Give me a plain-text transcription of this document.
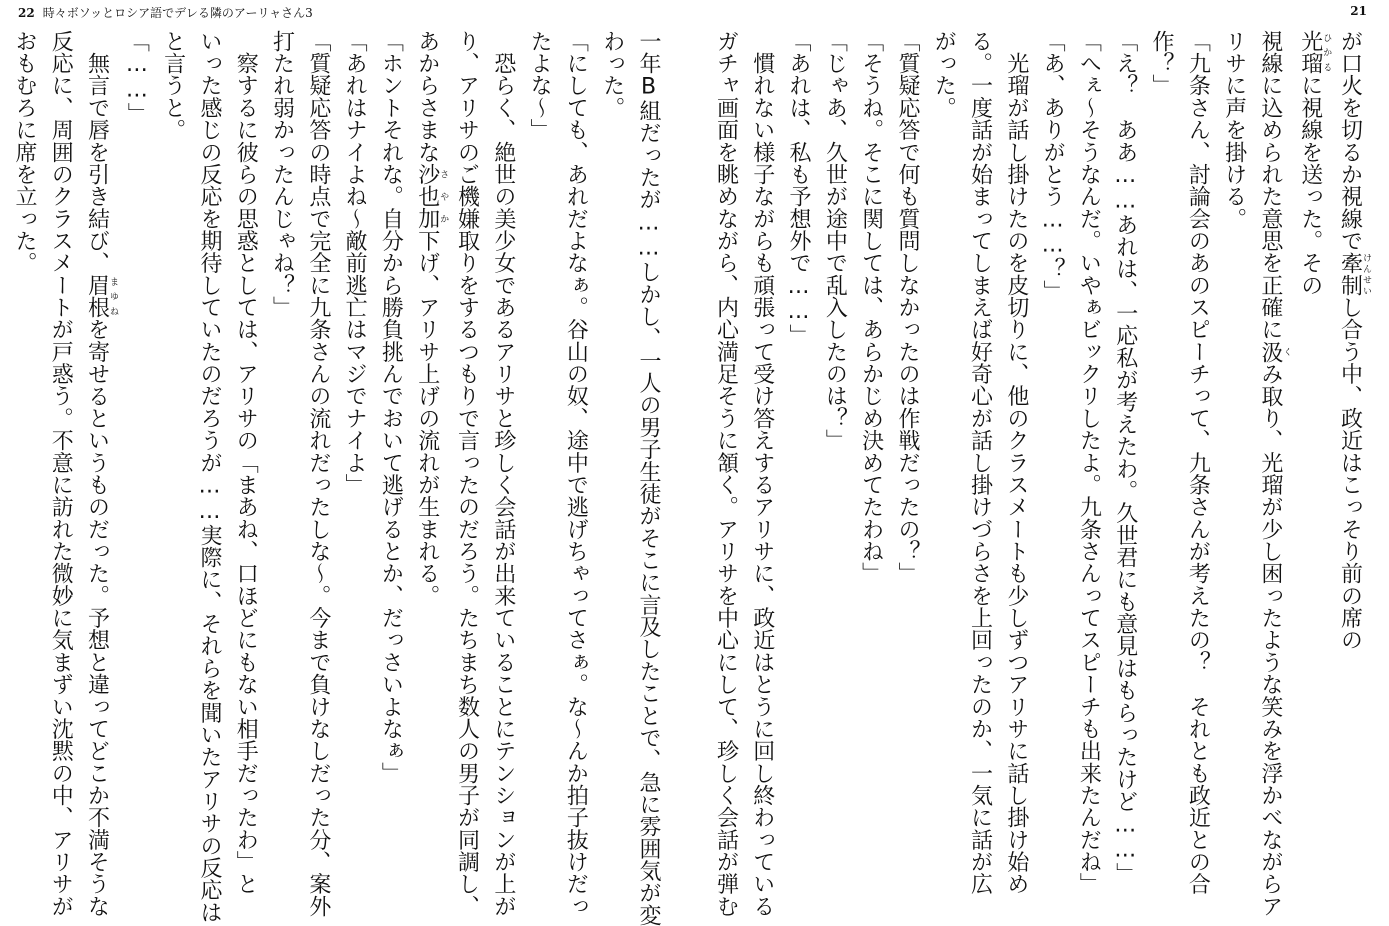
22 時々ボソッとロシア語でデレる隣のアーリャさん3	21
が口火を切るか視線で牽制けんせいし合う中、政近はこっそり前の席の
光瑠ひかるに視線を送った。その
視線に込められた意思を正確に汲くみ取り、光瑠が少し困ったような笑みを浮かべながらア
リサに声を掛ける。
「九条さん、討論会のあのスピーチって、九条さんが考えたの？　それとも政近との合
作？」
「え？　ああ……あれは、一応私が考えたわ。久世君にも意見はもらったけど……」
「へぇ～そうなんだ。いやぁビックリしたよ。九条さんってスピーチも出来たんだね」
「あ、ありがとう……？」
　光瑠が話し掛けたのを皮切りに、他のクラスメートも少しずつアリサに話し掛け始め
る。一度話が始まってしまえば好奇心が話し掛けづらさを上回ったのか、一気に話が広
がった。
「質疑応答で何も質問しなかったのは作戦だったの？」
「そうね。そこに関しては、あらかじめ決めてたわね」
「じゃあ、久世が途中で乱入したのは？」
「あれは、私も予想外で……」
　慣れない様子ながらも頑張って受け答えするアリサに、政近はとうに回し終わっている
ガチャ画面を眺めながら、内心満足そうに頷く。アリサを中心にして、珍しく会話が弾む
一年B組だったが……しかし、一人の男子生徒がそこに言及したことで、急に雰囲気が変
わった。
「にしても、あれだよなぁ。谷山の奴、途中で逃げちゃってさぁ。な～んか拍子抜けだっ
たよな～」
　恐らく、絶世の美少女であるアリサと珍しく会話が出来ていることにテンションが上が
り、アリサのご機嫌取りをするつもりで言ったのだろう。たちまち数人の男子が同調し、
あからさまな沙也加さやか下げ、アリサ上げの流れが生まれる。
「ホントそれな。自分から勝負挑んでおいて逃げるとか、だっさいよなぁ」
「あれはナイよね～敵前逃亡はマジでナイよ」
「質疑応答の時点で完全に九条さんの流れだったしな～。今まで負けなしだった分、案外
打たれ弱かったんじゃね？」
　察するに彼らの思惑としては、アリサの「まあね、口ほどにもない相手だったわ」と
いった感じの反応を期待していたのだろうが……実際に、それらを聞いたアリサの反応は
と言うと。
「……」
　無言で唇を引き結び、眉根まゆねを寄せるというものだった。予想と違ってどこか不満そうな
反応に、周囲のクラスメートが戸惑う。不意に訪れた微妙に気まずい沈黙の中、アリサが
おもむろに席を立った。
